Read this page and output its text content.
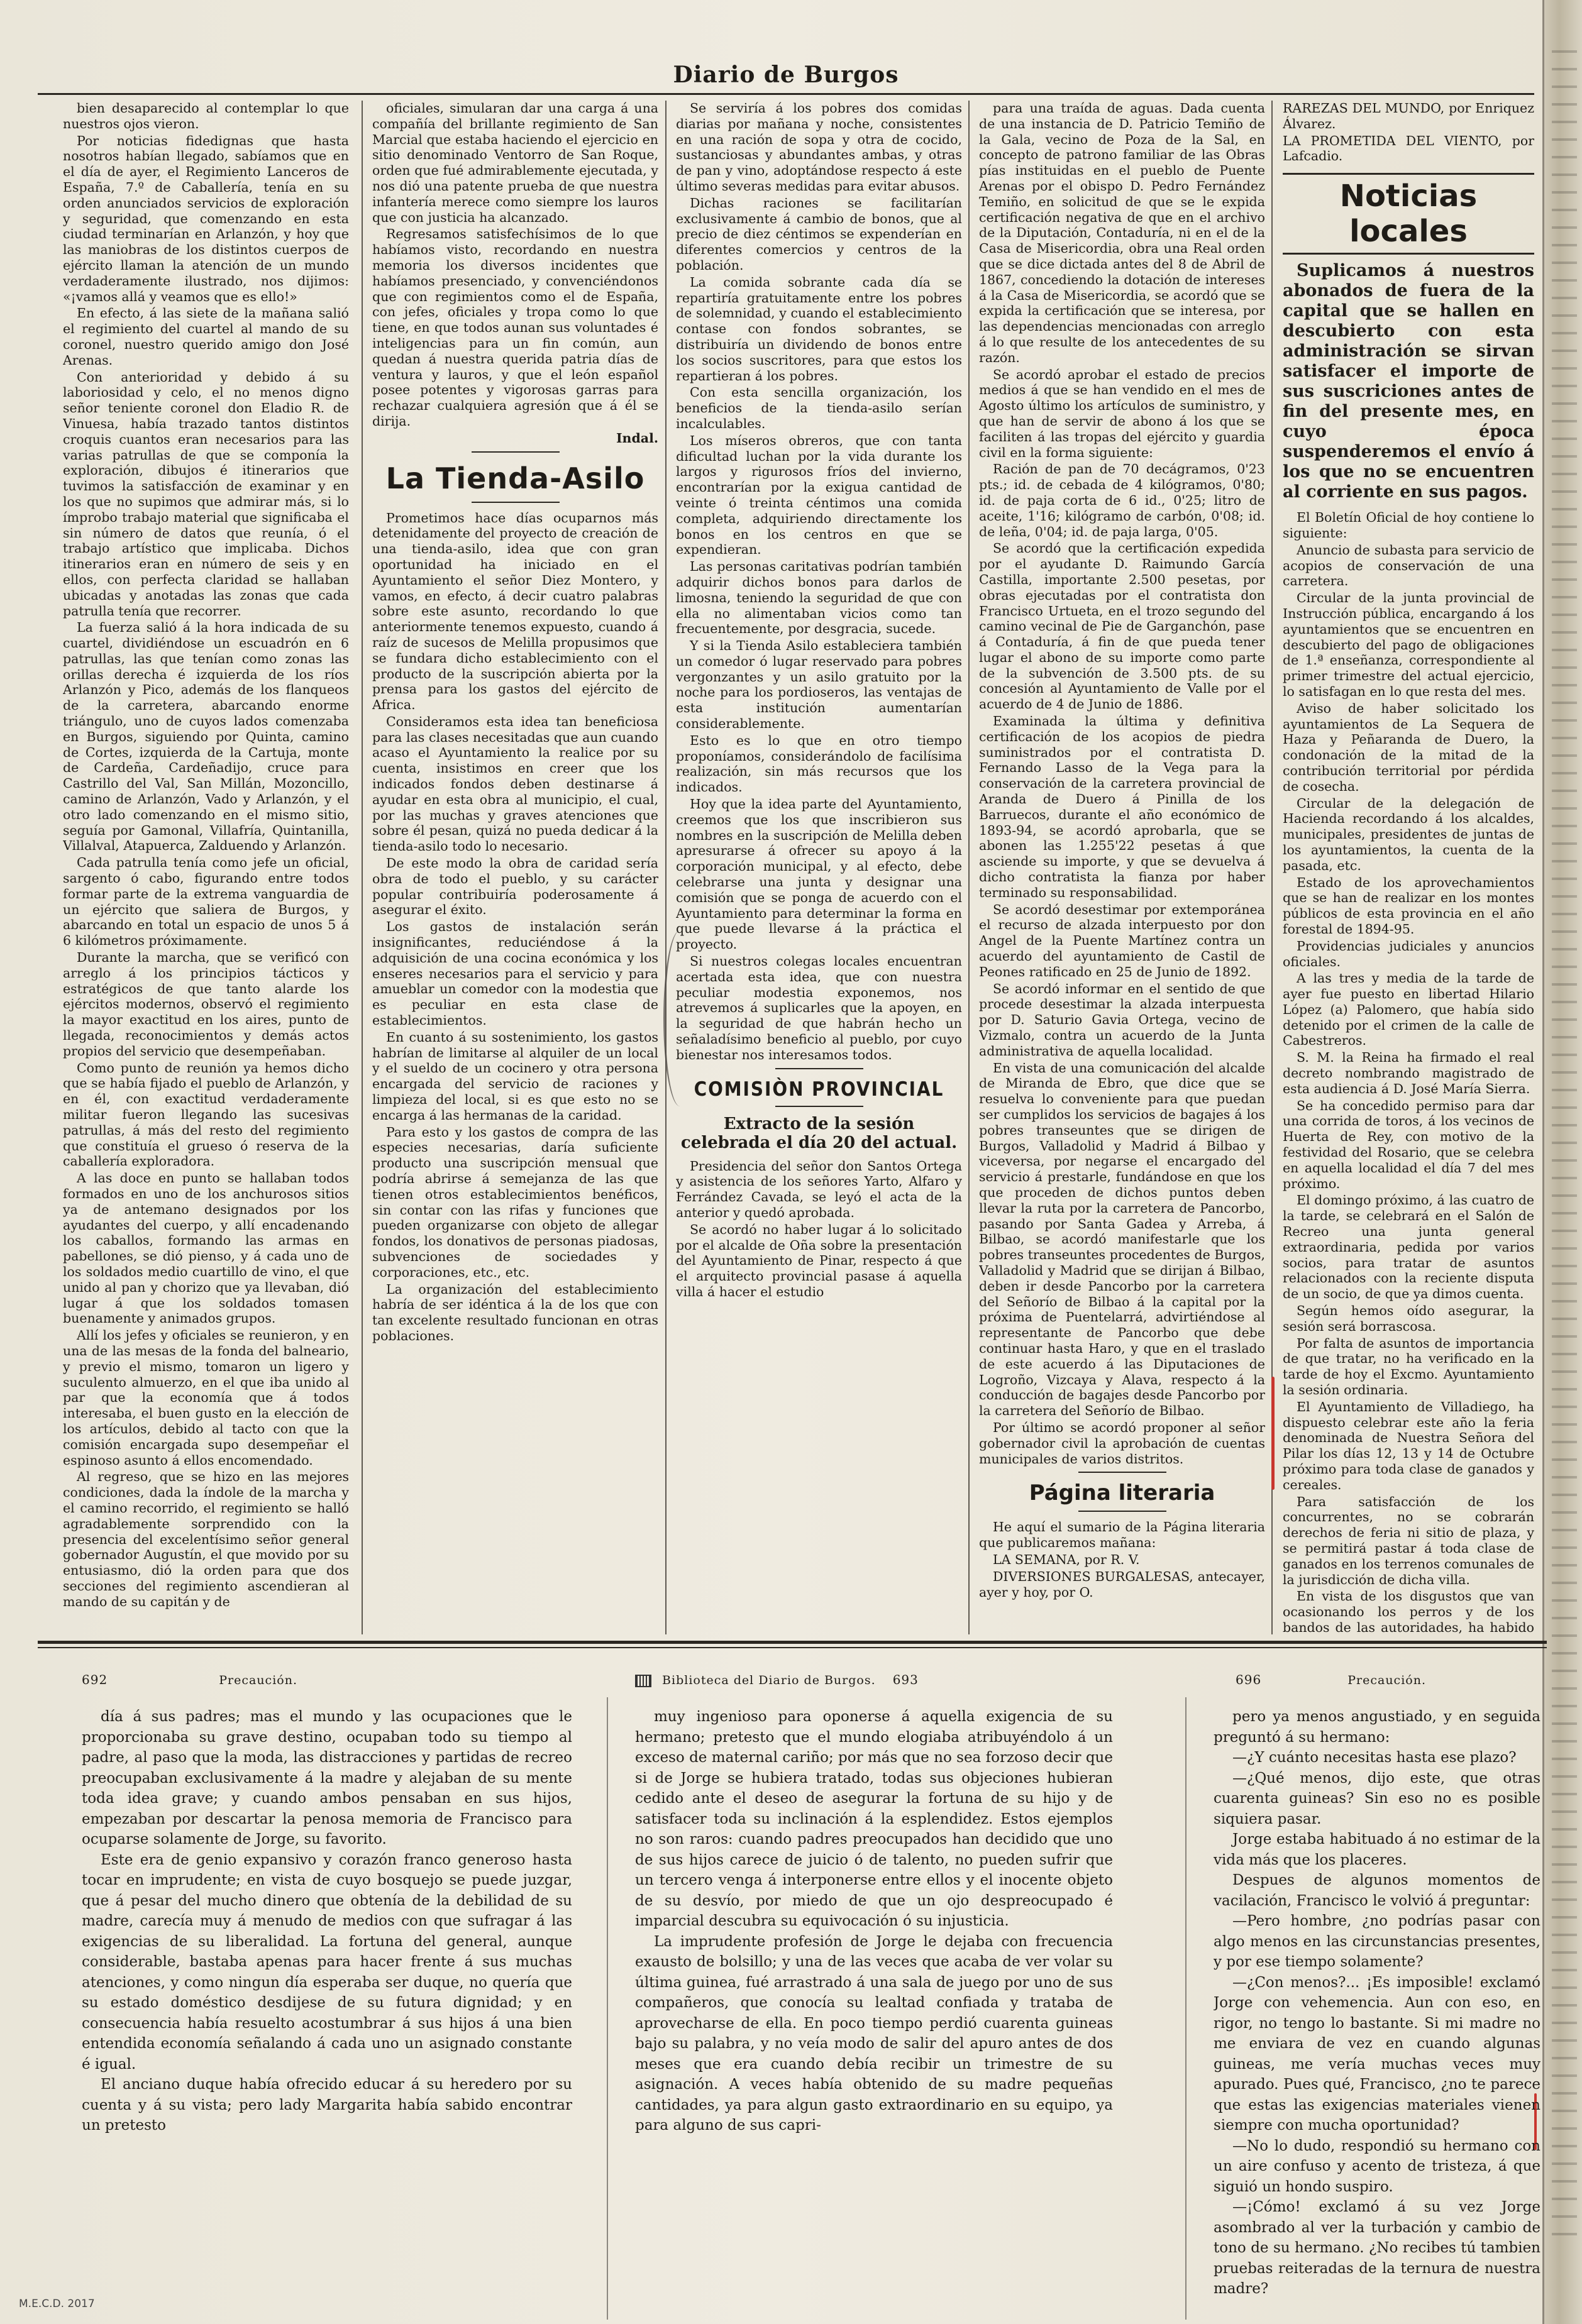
Diario de Burgos

bien desaparecido al contemplar lo que nuestros ojos vieron.

Por noticias fidedignas que hasta nosotros habían llegado, sabíamos que en el día de ayer, el Regimiento Lanceros de España, 7.º de Caballería, tenía en su orden anunciados servicios de exploración y seguridad, que comenzando en esta ciudad terminarían en Arlanzón, y hoy que las maniobras de los distintos cuerpos de ejército llaman la atención de un mundo verdaderamente ilustrado, nos dijimos: «¡vamos allá y veamos que es ello!»

En efecto, á las siete de la mañana salió el regimiento del cuartel al mando de su coronel, nuestro querido amigo don José Arenas.

Con anterioridad y debido á su laboriosidad y celo, el no menos digno señor teniente coronel don Eladio R. de Vinuesa, había trazado tantos distintos croquis cuantos eran necesarios para las varias patrullas de que se componía la exploración, dibujos é itinerarios que tuvimos la satisfacción de examinar y en los que no supimos que admirar más, si lo ímprobo trabajo material que significaba el sin número de datos que reunía, ó el trabajo artístico que implicaba. Dichos itinerarios eran en número de seis y en ellos, con perfecta claridad se hallaban ubicadas y anotadas las zonas que cada patrulla tenía que recorrer.

La fuerza salió á la hora indicada de su cuartel, dividiéndose un escuadrón en 6 patrullas, las que tenían como zonas las orillas derecha é izquierda de los ríos Arlanzón y Pico, además de los flanqueos de la carretera, abarcando enorme triángulo, uno de cuyos lados comenzaba en Burgos, siguiendo por Quinta, camino de Cortes, izquierda de la Cartuja, monte de Cardeña, Cardeñadijo, cruce para Castrillo del Val, San Millán, Mozoncillo, camino de Arlanzón, Vado y Arlanzón, y el otro lado comenzando en el mismo sitio, seguía por Gamonal, Villafría, Quintanilla, Villalval, Atapuerca, Zalduendo y Arlanzón.

Cada patrulla tenía como jefe un oficial, sargento ó cabo, figurando entre todos formar parte de la extrema vanguardia de un ejército que saliera de Burgos, y abarcando en total un espacio de unos 5 á 6 kilómetros próximamente.

Durante la marcha, que se verificó con arreglo á los principios tácticos y estratégicos de que tanto alarde los ejércitos modernos, observó el regimiento la mayor exactitud en los aires, punto de llegada, reconocimientos y demás actos propios del servicio que desempeñaban.

Como punto de reunión ya hemos dicho que se había fijado el pueblo de Arlanzón, y en él, con exactitud verdaderamente militar fueron llegando las sucesivas patrullas, á más del resto del regimiento que constituía el grueso ó reserva de la caballería exploradora.

A las doce en punto se hallaban todos formados en uno de los anchurosos sitios ya de antemano designados por los ayudantes del cuerpo, y allí encadenando los caballos, formando las armas en pabellones, se dió pienso, y á cada uno de los soldados medio cuartillo de vino, el que unido al pan y chorizo que ya llevaban, dió lugar á que los soldados tomasen buenamente y animados grupos.

Allí los jefes y oficiales se reunieron, y en una de las mesas de la fonda del balneario, y previo el mismo, tomaron un ligero y suculento almuerzo, en el que iba unido al par que la economía que á todos interesaba, el buen gusto en la elección de los artículos, debido al tacto con que la comisión encargada supo desempeñar el espinoso asunto á ellos encomendado.

Al regreso, que se hizo en las mejores condiciones, dada la índole de la marcha y el camino recorrido, el regimiento se halló agradablemente sorprendido con la presencia del excelentísimo señor general gobernador Augustín, el que movido por su entusiasmo, dió la orden para que dos secciones del regimiento ascendieran al mando de su capitán y de

oficiales, simularan dar una carga á una compañía del brillante regimiento de San Marcial que estaba haciendo el ejercicio en sitio denominado Ventorro de San Roque, orden que fué admirablemente ejecutada, y nos dió una patente prueba de que nuestra infantería merece como siempre los lauros que con justicia ha alcanzado.

Regresamos satisfechísimos de lo que habíamos visto, recordando en nuestra memoria los diversos incidentes que habíamos presenciado, y convenciéndonos que con regimientos como el de España, con jefes, oficiales y tropa como lo que tiene, en que todos aunan sus voluntades é inteligencias para un fin común, aun quedan á nuestra querida patria días de ventura y lauros, y que el león español posee potentes y vigorosas garras para rechazar cualquiera agresión que á él se dirija.

Indal.

La Tienda-Asilo

Prometimos hace días ocuparnos más detenidamente del proyecto de creación de una tienda-asilo, idea que con gran oportunidad ha iniciado en el Ayuntamiento el señor Diez Montero, y vamos, en efecto, á decir cuatro palabras sobre este asunto, recordando lo que anteriormente tenemos expuesto, cuando á raíz de sucesos de Melilla propusimos que se fundara dicho establecimiento con el producto de la suscripción abierta por la prensa para los gastos del ejército de Africa.

Consideramos esta idea tan beneficiosa para las clases necesitadas que aun cuando acaso el Ayuntamiento la realice por su cuenta, insistimos en creer que los indicados fondos deben destinarse á ayudar en esta obra al municipio, el cual, por las muchas y graves atenciones que sobre él pesan, quizá no pueda dedicar á la tienda-asilo todo lo necesario.

De este modo la obra de caridad sería obra de todo el pueblo, y su carácter popular contribuiría poderosamente á asegurar el éxito.

Los gastos de instalación serán insignificantes, reduciéndose á la adquisición de una cocina económica y los enseres necesarios para el servicio y para amueblar un comedor con la modestia que es peculiar en esta clase de establecimientos.

En cuanto á su sostenimiento, los gastos habrían de limitarse al alquiler de un local y el sueldo de un cocinero y otra persona encargada del servicio de raciones y limpieza del local, si es que esto no se encarga á las hermanas de la caridad.

Para esto y los gastos de compra de las especies necesarias, daría suficiente producto una suscripción mensual que podría abrirse á semejanza de las que tienen otros establecimientos benéficos, sin contar con las rifas y funciones que pueden organizarse con objeto de allegar fondos, los donativos de personas piadosas, subvenciones de sociedades y corporaciones, etc., etc.

La organización del establecimiento habría de ser idéntica á la de los que con tan excelente resultado funcionan en otras poblaciones.

Se serviría á los pobres dos comidas diarias por mañana y noche, consistentes en una ración de sopa y otra de cocido, sustanciosas y abundantes ambas, y otras de pan y vino, adoptándose respecto á este último severas medidas para evitar abusos.

Dichas raciones se facilitarían exclusivamente á cambio de bonos, que al precio de diez céntimos se expenderían en diferentes comercios y centros de la población.

La comida sobrante cada día se repartiría gratuitamente entre los pobres de solemnidad, y cuando el establecimiento contase con fondos sobrantes, se distribuiría un dividendo de bonos entre los socios suscritores, para que estos los repartieran á los pobres.

Con esta sencilla organización, los beneficios de la tienda-asilo serían incalculables.

Los míseros obreros, que con tanta dificultad luchan por la vida durante los largos y rigurosos fríos del invierno, encontrarían por la exigua cantidad de veinte ó treinta céntimos una comida completa, adquiriendo directamente los bonos en los centros en que se expendieran.

Las personas caritativas podrían también adquirir dichos bonos para darlos de limosna, teniendo la seguridad de que con ella no alimentaban vicios como tan frecuentemente, por desgracia, sucede.

Y si la Tienda Asilo estableciera también un comedor ó lugar reservado para pobres vergonzantes y un asilo gratuito por la noche para los pordioseros, las ventajas de esta institución aumentarían considerablemente.

Esto es lo que en otro tiempo proponíamos, considerándolo de facilísima realización, sin más recursos que los indicados.

Hoy que la idea parte del Ayuntamiento, creemos que los que inscribieron sus nombres en la suscripción de Melilla deben apresurarse á ofrecer su apoyo á la corporación municipal, y al efecto, debe celebrarse una junta y designar una comisión que se ponga de acuerdo con el Ayuntamiento para determinar la forma en que puede llevarse á la práctica el proyecto.

Si nuestros colegas locales encuentran acertada esta idea, que con nuestra peculiar modestia exponemos, nos atrevemos á suplicarles que la apoyen, en la seguridad de que habrán hecho un señaladísimo beneficio al pueblo, por cuyo bienestar nos interesamos todos.

COMISIÒN PROVINCIAL
Extracto de la sesión celebrada el día 20 del actual.

Presidencia del señor don Santos Ortega y asistencia de los señores Yarto, Alfaro y Ferrández Cavada, se leyó el acta de la anterior y quedó aprobada.

Se acordó no haber lugar á lo solicitado por el alcalde de Oña sobre la presentación del Ayuntamiento de Pinar, respecto á que el arquitecto provincial pasase á aquella villa á hacer el estudio

para una traída de aguas. Dada cuenta de una instancia de D. Patricio Temiño de la Gala, vecino de Poza de la Sal, en concepto de patrono familiar de las Obras pías instituidas en el pueblo de Puente Arenas por el obispo D. Pedro Fernández Temiño, en solicitud de que se le expida certificación negativa de que en el archivo de la Diputación, Contaduría, ni en el de la Casa de Misericordia, obra una Real orden que se dice dictada antes del 8 de Abril de 1867, concediendo la dotación de intereses á la Casa de Misericordia, se acordó que se expida la certificación que se interesa, por las dependencias mencionadas con arreglo á lo que resulte de los antecedentes de su razón.

Se acordó aprobar el estado de precios medios á que se han vendido en el mes de Agosto último los artículos de suministro, y que han de servir de abono á los que se faciliten á las tropas del ejército y guardia civil en la forma siguiente:

Ración de pan de 70 decágramos, 0'23 pts.; id. de cebada de 4 kilógramos, 0'80; id. de paja corta de 6 id., 0'25; litro de aceite, 1'16; kilógramo de carbón, 0'08; id. de leña, 0'04; id. de paja larga, 0'05.

Se acordó que la certificación expedida por el ayudante D. Raimundo García Castilla, importante 2.500 pesetas, por obras ejecutadas por el contratista don Francisco Urtueta, en el trozo segundo del camino vecinal de Pie de Garganchón, pase á Contaduría, á fin de que pueda tener lugar el abono de su importe como parte de la subvención de 3.500 pts. de su concesión al Ayuntamiento de Valle por el acuerdo de 4 de Junio de 1886.

Examinada la última y definitiva certificación de los acopios de piedra suministrados por el contratista D. Fernando Lasso de la Vega para la conservación de la carretera provincial de Aranda de Duero á Pinilla de los Barruecos, durante el año económico de 1893-94, se acordó aprobarla, que se abonen las 1.255'22 pesetas á que asciende su importe, y que se devuelva á dicho contratista la fianza por haber terminado su responsabilidad.

Se acordó desestimar por extemporánea el recurso de alzada interpuesto por don Angel de la Puente Martínez contra un acuerdo del ayuntamiento de Castil de Peones ratificado en 25 de Junio de 1892.

Se acordó informar en el sentido de que procede desestimar la alzada interpuesta por D. Saturio Gavia Ortega, vecino de Vizmalo, contra un acuerdo de la Junta administrativa de aquella localidad.

En vista de una comunicación del alcalde de Miranda de Ebro, que dice que se resuelva lo conveniente para que puedan ser cumplidos los servicios de bagajes á los pobres transeuntes que se dirigen de Burgos, Valladolid y Madrid á Bilbao y viceversa, por negarse el encargado del servicio á prestarle, fundándose en que los que proceden de dichos puntos deben llevar la ruta por la carretera de Pancorbo, pasando por Santa Gadea y Arreba, á Bilbao, se acordó manifestarle que los pobres transeuntes procedentes de Burgos, Valladolid y Madrid que se dirijan á Bilbao, deben ir desde Pancorbo por la carretera del Señorío de Bilbao á la capital por la próxima de Puentelarrá, advirtiéndose al representante de Pancorbo que debe continuar hasta Haro, y que en el traslado de este acuerdo á las Diputaciones de Logroño, Vizcaya y Alava, respecto á la conducción de bagajes desde Pancorbo por la carretera del Señorío de Bilbao.

Por último se acordó proponer al señor gobernador civil la aprobación de cuentas municipales de varios distritos.

Página literaria

He aquí el sumario de la Página literaria que publicaremos mañana:

LA SEMANA, por R. V.

DIVERSIONES BURGALESAS, antecayer, ayer y hoy, por O.

RAREZAS DEL MUNDO, por Enriquez Álvarez.

LA PROMETIDA DEL VIENTO, por Lafcadio.

Noticias locales
Suplicamos á nuestros abonados de fuera de la capital que se hallen en descubierto con esta administración se sirvan satisfacer el importe de sus suscriciones antes de fin del presente mes, en cuyo época suspenderemos el envío á los que no se encuentren al corriente en sus pagos.

El Boletín Oficial de hoy contiene lo siguiente:

Anuncio de subasta para servicio de acopios de conservación de una carretera.

Circular de la junta provincial de Instrucción pública, encargando á los ayuntamientos que se encuentren en descubierto del pago de obligaciones de 1.ª enseñanza, correspondiente al primer trimestre del actual ejercicio, lo satisfagan en lo que resta del mes.

Aviso de haber solicitado los ayuntamientos de La Sequera de Haza y Peñaranda de Duero, la condonación de la mitad de la contribución territorial por pérdida de cosecha.

Circular de la delegación de Hacienda recordando á los alcaldes, municipales, presidentes de juntas de los ayuntamientos, la cuenta de la pasada, etc.

Estado de los aprovechamientos que se han de realizar en los montes públicos de esta provincia en el año forestal de 1894-95.

Providencias judiciales y anuncios oficiales.

A las tres y media de la tarde de ayer fue puesto en libertad Hilario López (a) Palomero, que había sido detenido por el crimen de la calle de Cabestreros.

S. M. la Reina ha firmado el real decreto nombrando magistrado de esta audiencia á D. José María Sierra.

Se ha concedido permiso para dar una corrida de toros, á los vecinos de Huerta de Rey, con motivo de la festividad del Rosario, que se celebra en aquella localidad el día 7 del mes próximo.

El domingo próximo, á las cuatro de la tarde, se celebrará en el Salón de Recreo una junta general extraordinaria, pedida por varios socios, para tratar de asuntos relacionados con la reciente disputa de un socio, de que ya dimos cuenta.

Según hemos oído asegurar, la sesión será borrascosa.

Por falta de asuntos de importancia de que tratar, no ha verificado en la tarde de hoy el Excmo. Ayuntamiento la sesión ordinaria.

El Ayuntamiento de Villadiego, ha dispuesto celebrar este año la feria denominada de Nuestra Señora del Pilar los días 12, 13 y 14 de Octubre próximo para toda clase de ganados y cereales.

Para satisfacción de los concurrentes, no se cobrarán derechos de feria ni sitio de plaza, y se permitirá pastar á toda clase de ganados en los terrenos comunales de la jurisdicción de dicha villa.

En vista de los disgustos que van ocasionando los perros y de los bandos de las autoridades, ha habido

692	Precaución.	Biblioteca del Diario de Burgos. 693	696	Precaución.

día á sus padres; mas el mundo y las ocupaciones que le proporcionaba su grave destino, ocupaban todo su tiempo al padre, al paso que la moda, las distracciones y partidas de recreo preocupaban exclusivamente á la madre y alejaban de su mente toda idea grave; y cuando ambos pensaban en sus hijos, empezaban por descartar la penosa memoria de Francisco para ocuparse solamente de Jorge, su favorito.

Este era de genio expansivo y corazón franco generoso hasta tocar en imprudente; en vista de cuyo bosquejo se puede juzgar, que á pesar del mucho dinero que obtenía de la debilidad de su madre, carecía muy á menudo de medios con que sufragar á las exigencias de su liberalidad. La fortuna del general, aunque considerable, bastaba apenas para hacer frente á sus muchas atenciones, y como ningun día esperaba ser duque, no quería que su estado doméstico desdijese de su futura dignidad; y en consecuencia había resuelto acostumbrar á sus hijos á una bien entendida economía señalando á cada uno un asignado constante é igual.

El anciano duque había ofrecido educar á su heredero por su cuenta y á su vista; pero lady Margarita había sabido encontrar un pretesto

muy ingenioso para oponerse á aquella exigencia de su hermano; pretesto que el mundo elogiaba atribuyéndolo á un exceso de maternal cariño; por más que no sea forzoso decir que si de Jorge se hubiera tratado, todas sus objeciones hubieran cedido ante el deseo de asegurar la fortuna de su hijo y de satisfacer toda su inclinación á la esplendidez. Estos ejemplos no son raros: cuando padres preocupados han decidido que uno de sus hijos carece de juicio ó de talento, no pueden sufrir que un tercero venga á interponerse entre ellos y el inocente objeto de su desvío, por miedo de que un ojo despreocupado é imparcial descubra su equivocación ó su injusticia.

La imprudente profesión de Jorge le dejaba con frecuencia exausto de bolsillo; y una de las veces que acaba de ver volar su última guinea, fué arrastrado á una sala de juego por uno de sus compañeros, que conocía su lealtad confiada y trataba de aprovecharse de ella. En poco tiempo perdió cuarenta guineas bajo su palabra, y no veía modo de salir del apuro antes de dos meses que era cuando debía recibir un trimestre de su asignación. A veces había obtenido de su madre pequeñas cantidades, ya para algun gasto extraordinario en su equipo, ya para alguno de sus capri-

pero ya menos angustiado, y en seguida preguntó á su hermano:

—¿Y cuánto necesitas hasta ese plazo?

—¿Qué menos, dijo este, que otras cuarenta guineas? Sin eso no es posible siquiera pasar.

Jorge estaba habituado á no estimar de la vida más que los placeres.

Despues de algunos momentos de vacilación, Francisco le volvió á preguntar:

—Pero hombre, ¿no podrías pasar con algo menos en las circunstancias presentes, y por ese tiempo solamente?

—¿Con menos?... ¡Es imposible! exclamó Jorge con vehemencia. Aun con eso, en rigor, no tengo lo bastante. Si mi madre no me enviara de vez en cuando algunas guineas, me vería muchas veces muy apurado. Pues qué, Francisco, ¿no te parece que estas las exigencias materiales vienen siempre con mucha oportunidad?

—No lo dudo, respondió su hermano con un aire confuso y acento de tristeza, á que siguió un hondo suspiro.

—¡Cómo! exclamó á su vez Jorge asombrado al ver la turbación y cambio de tono de su hermano. ¿No recibes tú tambien pruebas reiteradas de la ternura de nuestra madre?

M.E.C.D. 2017
